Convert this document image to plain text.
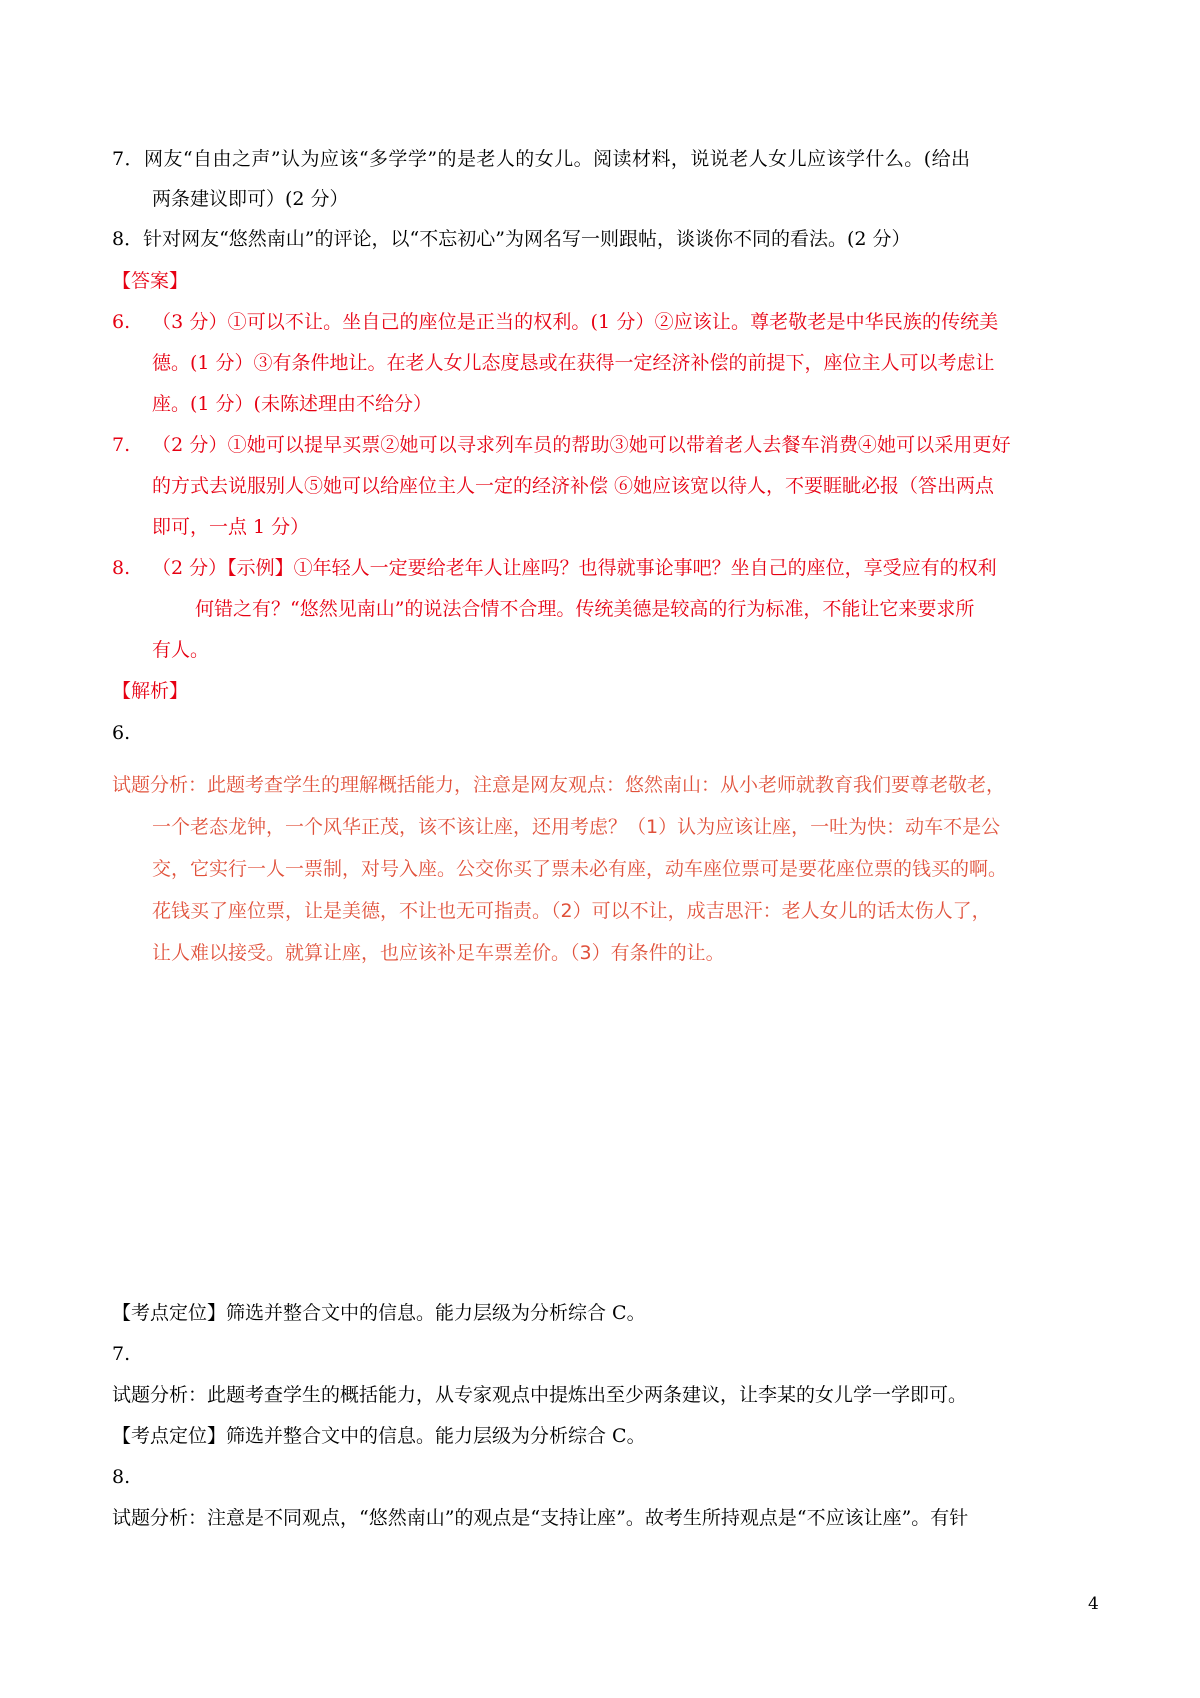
7．网友“自由之声”认为应该“多学学”的是老人的女儿。阅读材料，说说老人女儿应该学什么。(给出
两条建议即可）(2 分）
8．针对网友“悠然南山”的评论，以“不忘初心”为网名写一则跟帖，谈谈你不同的看法。(2 分）
【答案】
6. （3 分）①可以不让。坐自己的座位是正当的权利。(1 分）②应该让。尊老敬老是中华民族的传统美
德。(1 分）③有条件地让。在老人女儿态度恳或在获得一定经济补偿的前提下，座位主人可以考虑让
座。(1 分）(未陈述理由不给分）
7. （2 分）①她可以提早买票②她可以寻求列车员的帮助③她可以带着老人去餐车消费④她可以采用更好
的方式去说服别人⑤她可以给座位主人一定的经济补偿 ⑥她应该宽以待人，不要睚眦必报（答出两点
即可，一点 1 分）
8. （2 分）【示例】①年轻人一定要给老年人让座吗？也得就事论事吧？坐自己的座位，享受应有的权利
何错之有？“悠然见南山”的说法合情不合理。传统美德是较高的行为标准，不能让它来要求所
有人。
【解析】
6.
试题分析：此题考查学生的理解概括能力，注意是网友观点：悠然南山：从小老师就教育我们要尊老敬老，
一个老态龙钟，一个风华正茂，该不该让座，还用考虑？（1）认为应该让座，一吐为快：动车不是公
交，它实行一人一票制，对号入座。公交你买了票未必有座，动车座位票可是要花座位票的钱买的啊。
花钱买了座位票，让是美德，不让也无可指责。（2）可以不让，成吉思汗：老人女儿的话太伤人了，
让人难以接受。就算让座，也应该补足车票差价。（3）有条件的让。
【考点定位】筛选并整合文中的信息。能力层级为分析综合 C。
7.
试题分析：此题考查学生的概括能力，从专家观点中提炼出至少两条建议，让李某的女儿学一学即可。
【考点定位】筛选并整合文中的信息。能力层级为分析综合 C。
8.
试题分析：注意是不同观点，“悠然南山”的观点是“支持让座”。故考生所持观点是“不应该让座”。有针
4
